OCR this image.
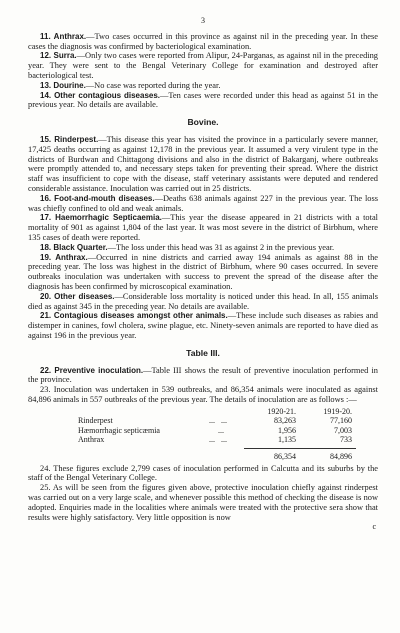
3

11. Anthrax.—Two cases occurred in this province as against nil in the preceding year. In these cases the diagnosis was confirmed by bacteriological examination.

12. Surra.—Only two cases were reported from Alipur, 24-Parganas, as against nil in the preceding year. They were sent to the Bengal Veterinary College for examination and destroyed after bacteriological test.

13. Dourine.—No case was reported during the year.

14. Other contagious diseases.—Ten cases were recorded under this head as against 51 in the previous year. No details are available.

Bovine.

15. Rinderpest.—This disease this year has visited the province in a particularly severe manner, 17,425 deaths occurring as against 12,178 in the previous year. It assumed a very virulent type in the districts of Burdwan and Chittagong divisions and also in the district of Bakarganj, where outbreaks were promptly attended to, and necessary steps taken for preventing their spread. Where the district staff was insufficient to cope with the disease, staff veterinary assistants were deputed and rendered considerable assistance. Inoculation was carried out in 25 districts.

16. Foot-and-mouth diseases.—Deaths 638 animals against 227 in the previous year. The loss was chiefly confined to old and weak animals.

17. Haemorrhagic Septicaemia.—This year the disease appeared in 21 districts with a total mortality of 901 as against 1,804 of the last year. It was most severe in the district of Birbhum, where 135 cases of death were reported.

18. Black Quarter.—The loss under this head was 31 as against 2 in the previous year.

19. Anthrax.—Occurred in nine districts and carried away 194 animals as against 88 in the preceding year. The loss was highest in the district of Birbhum, where 90 cases occurred. In severe outbreaks inoculation was undertaken with success to prevent the spread of the disease after the diagnosis has been confirmed by microscopical examination.

20. Other diseases.—Considerable loss mortality is noticed under this head. In all, 155 animals died as against 345 in the preceding year. No details are available.

21. Contagious diseases amongst other animals.—These include such diseases as rabies and distemper in canines, fowl cholera, swine plague, etc. Ninety-seven animals are reported to have died as against 196 in the previous year.

Table III.

22. Preventive inoculation.—Table III shows the result of preventive inoculation performed in the province.

23. Inoculation was undertaken in 539 outbreaks, and 86,354 animals were inoculated as against 84,896 animals in 557 outbreaks of the previous year. The details of inoculation are as follows :—

		1920-21.	1919-20.
Rinderpest	... ...	83,263	77,160
Hæmorrhagic septicæmia	...	1,956	7,003
Anthrax	... ...	1,135	733

		86,354	84,896

24. These figures exclude 2,799 cases of inoculation performed in Calcutta and its suburbs by the staff of the Bengal Veterinary College.

25. As will be seen from the figures given above, protective inoculation chiefly against rinderpest was carried out on a very large scale, and whenever possible this method of checking the disease is now adopted. Enquiries made in the localities where animals were treated with the protective sera show that results were highly satisfactory. Very little opposition is now

c
